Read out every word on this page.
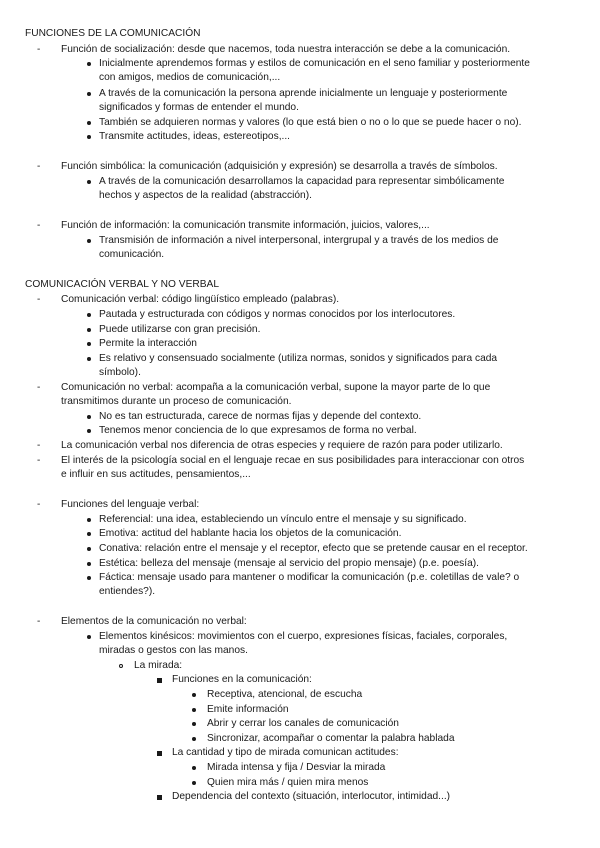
FUNCIONES DE LA COMUNICACIÓN
- Función de socialización: desde que nacemos, toda nuestra interacción se debe a la comunicación.
Inicialmente aprendemos formas y estilos de comunicación en el seno familiar y posteriormente
con amigos, medios de comunicación,...
A través de la comunicación la persona aprende inicialmente un lenguaje y posteriormente
significados y formas de entender el mundo.
También se adquieren normas y valores (lo que está bien o no o lo que se puede hacer o no).
Transmite actitudes, ideas, estereotipos,...
- Función simbólica: la comunicación (adquisición y expresión) se desarrolla a través de símbolos.
A través de la comunicación desarrollamos la capacidad para representar simbólicamente
hechos y aspectos de la realidad (abstracción).
- Función de información: la comunicación transmite información, juicios, valores,...
Transmisión de información a nivel interpersonal, intergrupal y a través de los medios de
comunicación.
COMUNICACIÓN VERBAL Y NO VERBAL
- Comunicación verbal: código lingüístico empleado (palabras).
Pautada y estructurada con códigos y normas conocidos por los interlocutores.
Puede utilizarse con gran precisión.
Permite la interacción
Es relativo y consensuado socialmente (utiliza normas, sonidos y significados para cada
símbolo).
- Comunicación no verbal: acompaña a la comunicación verbal, supone la mayor parte de lo que
transmitimos durante un proceso de comunicación.
No es tan estructurada, carece de normas fijas y depende del contexto.
Tenemos menor conciencia de lo que expresamos de forma no verbal.
- La comunicación verbal nos diferencia de otras especies y requiere de razón para poder utilizarlo.
- El interés de la psicología social en el lenguaje recae en sus posibilidades para interaccionar con otros
e influir en sus actitudes, pensamientos,...
- Funciones del lenguaje verbal:
Referencial: una idea, estableciendo un vínculo entre el mensaje y su significado.
Emotiva: actitud del hablante hacia los objetos de la comunicación.
Conativa: relación entre el mensaje y el receptor, efecto que se pretende causar en el receptor.
Estética: belleza del mensaje (mensaje al servicio del propio mensaje) (p.e. poesía).
Fáctica: mensaje usado para mantener o modificar la comunicación (p.e. coletillas de vale? o
entiendes?).
- Elementos de la comunicación no verbal:
Elementos kinésicos: movimientos con el cuerpo, expresiones físicas, faciales, corporales,
miradas o gestos con las manos.
La mirada:
Funciones en la comunicación:
Receptiva, atencional, de escucha
Emite información
Abrir y cerrar los canales de comunicación
Sincronizar, acompañar o comentar la palabra hablada
La cantidad y tipo de mirada comunican actitudes:
Mirada intensa y fija / Desviar la mirada
Quien mira más / quien mira menos
Dependencia del contexto (situación, interlocutor, intimidad...)
